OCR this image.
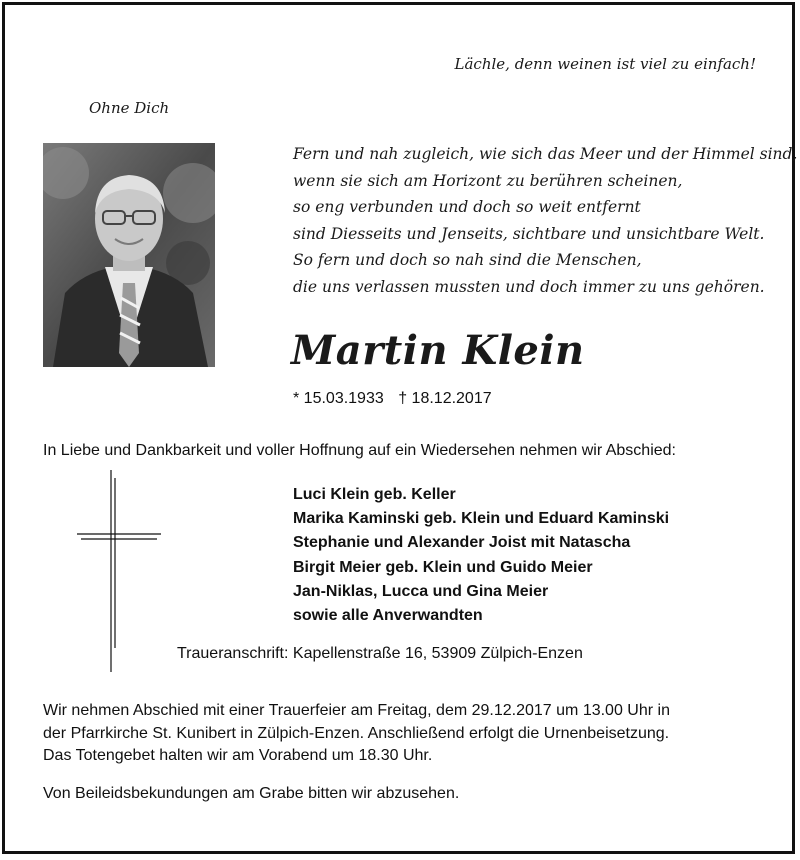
Lächle, denn weinen ist viel zu einfach!
Ohne Dich
Fern und nah zugleich, wie sich das Meer und der Himmel sind,
wenn sie sich am Horizont zu berühren scheinen,
so eng verbunden und doch so weit entfernt
sind Diesseits und Jenseits, sichtbare und unsichtbare Welt.
So fern und doch so nah sind die Menschen,
die uns verlassen mussten und doch immer zu uns gehören.
Martin Klein
* 15.03.1933 † 18.12.2017
In Liebe und Dankbarkeit und voller Hoffnung auf ein Wiedersehen nehmen wir Abschied:
Luci Klein geb. Keller
Marika Kaminski geb. Klein und Eduard Kaminski
Stephanie und Alexander Joist mit Natascha
Birgit Meier geb. Klein und Guido Meier
Jan-Niklas, Lucca und Gina Meier
sowie alle Anverwandten
Traueranschrift: Kapellenstraße 16, 53909 Zülpich-Enzen
Wir nehmen Abschied mit einer Trauerfeier am Freitag, dem 29.12.2017 um 13.00 Uhr in
der Pfarrkirche St. Kunibert in Zülpich-Enzen. Anschließend erfolgt die Urnenbeisetzung.
Das Totengebet halten wir am Vorabend um 18.30 Uhr.
Von Beileidsbekundungen am Grabe bitten wir abzusehen.
